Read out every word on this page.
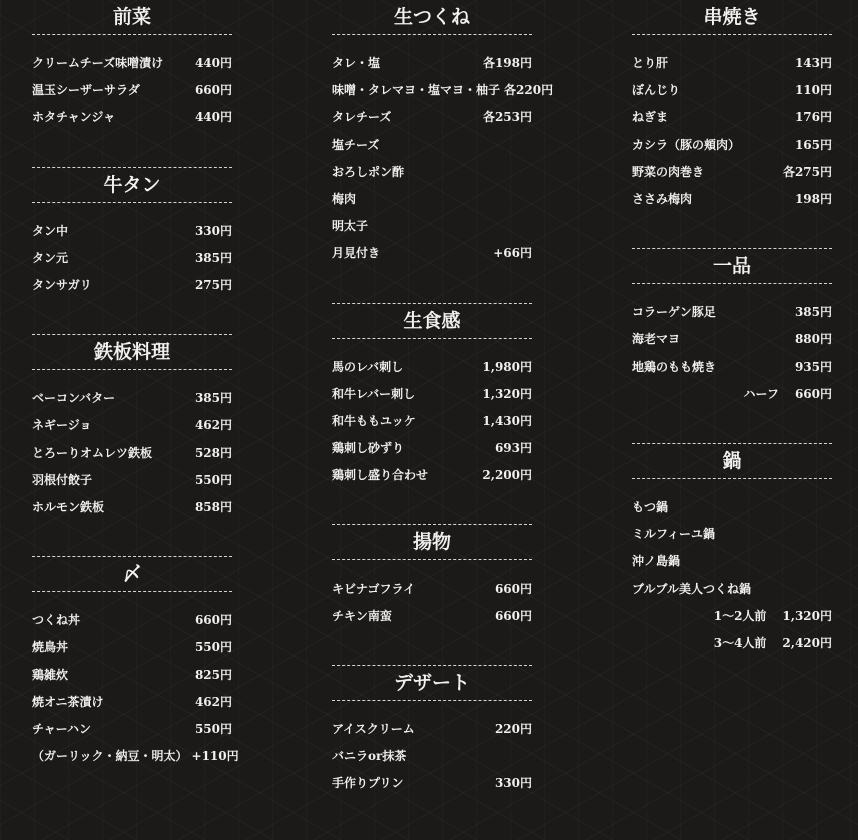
前菜
クリームチーズ味噌漬け	440円
温玉シーザーサラダ	660円
ホタチャンジャ	440円
牛タン
タン中	330円
タン元	385円
タンサガリ	275円
鉄板料理
ベーコンバター	385円
ネギージョ	462円
とろーりオムレツ鉄板	528円
羽根付餃子	550円
ホルモン鉄板	858円
〆
つくね丼	660円
焼鳥丼	550円
鶏雑炊	825円
焼オニ茶漬け	462円
チャーハン	550円
（ガーリック・納豆・明太） +110円
生つくね
タレ・塩	各198円
味噌・タレマヨ・塩マヨ・柚子 各220円
タレチーズ	各253円
塩チーズ
おろしポン酢
梅肉
明太子
月見付き	+66円
生食感
馬のレバ刺し	1,980円
和牛レバー刺し	1,320円
和牛ももユッケ	1,430円
鶏刺し砂ずり	693円
鶏刺し盛り合わせ	2,200円
揚物
キビナゴフライ	660円
チキン南蛮	660円
デザート
アイスクリーム	220円
バニラor抹茶
手作りプリン	330円
串焼き
とり肝	143円
ぼんじり	110円
ねぎま	176円
カシラ（豚の頬肉）	165円
野菜の肉巻き	各275円
ささみ梅肉	198円
一品
コラーゲン豚足	385円
海老マヨ	880円
地鶏のもも焼き	935円
ハーフ 660円
鍋
もつ鍋
ミルフィーユ鍋
沖ノ島鍋
ブルブル美人つくね鍋
1〜2人前 1,320円
3〜4人前 2,420円
